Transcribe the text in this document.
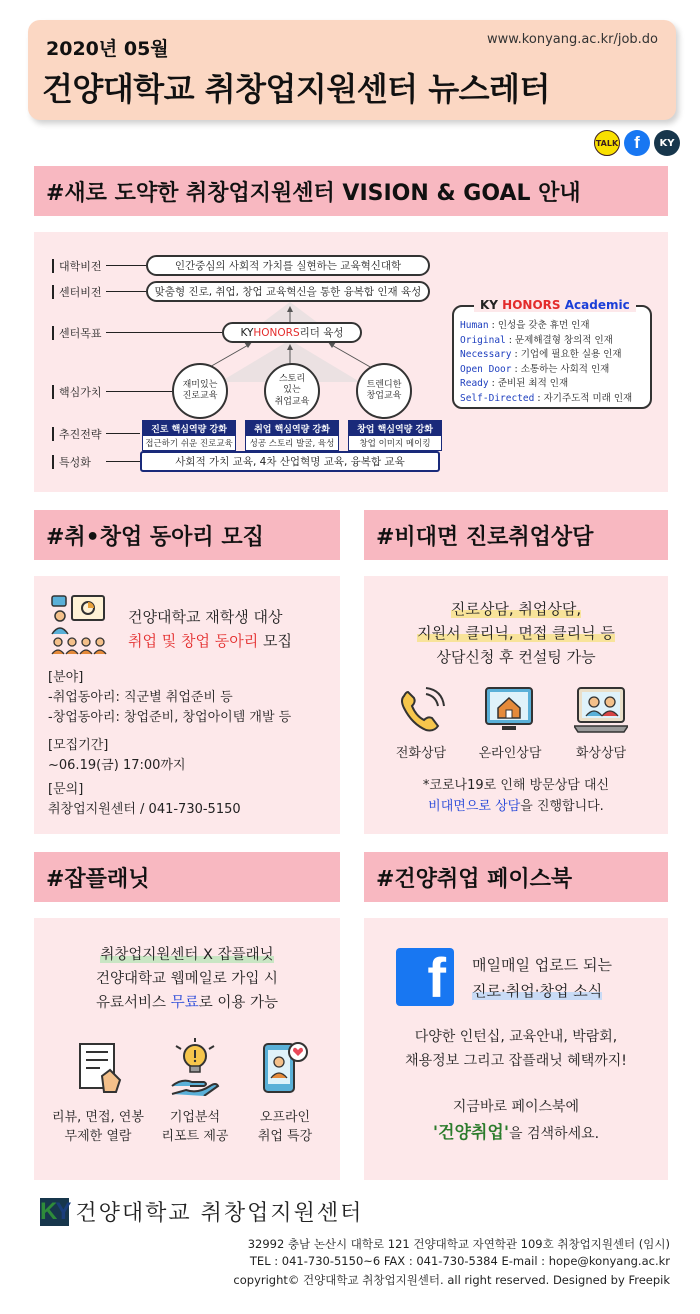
2020년 05월	www.konyang.ac.kr/job.do
건양대학교 취창업지원센터 뉴스레터
TALK f	KY
#새로 도약한 취창업지원센터 VISION & GOAL 안내
대학비전
센터비전
센터목표
핵심가치
추진전략
특성화
인간중심의 사회적 가치를 실현하는 교육혁신대학
맞춤형 진로, 취업, 창업 교육혁신을 통한 융복합 인재 육성
KY HONORS 리더 육성
재미있는
진로교육
스토리
있는
취업교육
트렌디한
창업교육
진로 핵심역량 강화
접근하기 쉬운 진로교육
취업 핵심역량 강화
성공 스토리 발굴, 육성
창업 핵심역량 강화
창업 이미지 메이킹
사회적 가치 교육, 4차 산업혁명 교육, 융복합 교육
KY HONORS Academic
Human : 인성을 갖춘 휴먼 인재
Original : 문제해결형 창의적 인재
Necessary : 기업에 필요한 실용 인재
Open Door : 소통하는 사회적 인재
Ready : 준비된 최적 인재
Self-Directed : 자기주도적 미래 인재
#취•창업 동아리 모집
건양대학교 재학생 대상
취업 및 창업 동아리 모집
[분야]
-취업동아리: 직군별 취업준비 등
-창업동아리: 창업준비, 창업아이템 개발 등
[모집기간]
~06.19(금) 17:00까지
[문의]
취창업지원센터 / 041-730-5150
#비대면 진로취업상담
진로상담, 취업상담,
지원서 클리닉, 면접 클리닉 등
상담신청 후 컨설팅 가능
전화상담	온라인상담	화상상담
*코로나19로 인해 방문상담 대신
비대면으로 상담을 진행합니다.
#잡플래닛
취창업지원센터 X 잡플래닛
건양대학교 웹메일로 가입 시
유료서비스 무료로 이용 가능
리뷰, 면접, 연봉
무제한 열람
기업분석
리포트 제공
오프라인
취업 특강
#건양취업 페이스북
f	매일매일 업로드 되는
진로·취업·창업 소식
다양한 인턴십, 교육안내, 박람회,
채용정보 그리고 잡플래닛 혜택까지!
지금바로 페이스북에
'건양취업'을 검색하세요.
KY 건양대학교 취창업지원센터
32992 충남 논산시 대학로 121 건양대학교 자연학관 109호 취창업지원센터 (임시)
TEL : 041-730-5150~6 FAX : 041-730-5384 E-mail : hope@konyang.ac.kr
copyright© 건양대학교 취창업지원센터. all right reserved. Designed by Freepik
